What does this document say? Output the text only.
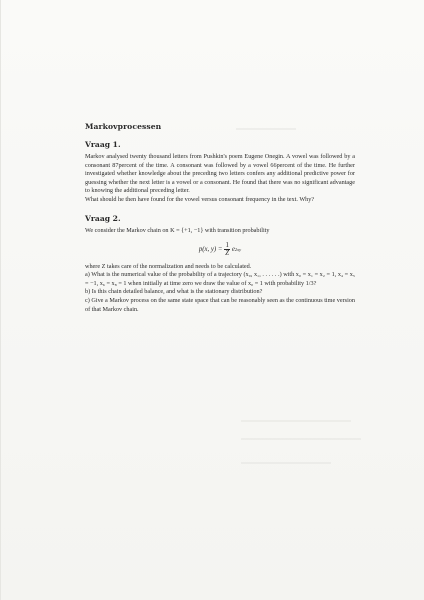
Markovprocessen
Vraag 1.

Markov analysed twenty thousand letters from Pushkin's poem Eugene Onegin. A vowel was followed by a consonant 87percent of the time. A consonant was followed by a vowel 66percent of the time. He further investigated whether knowledge about the preceding two letters confers any additional predictive power for guessing whether the next letter is a vowel or a consonant. He found that there was no significant advantage to knowing the additional preceding letter.

What should he then have found for the vowel versus consonant frequency in the text. Why?

Vraag 2.

We consider the Markov chain on K = {+1, −1} with transition probability

p(x, $y) = \frac{1}{Z}$ e 2xy

where Z takes care of the normalization and needs to be calculated.

a) What is the numerical value of the probability of a trajectory (x₀, x₁, . . . . . .) with x₀ = x₁ = x₂ = 1, x₄ = x₅ = −1, x₆ = x₈ = 1 when initially at time zero we draw the value of x₀ = 1 with probability 1/3?

b) Is this chain detailed balance, and what is the stationary distribution?

c) Give a Markov process on the same state space that can be reasonably seen as the continuous time version of that Markov chain.
